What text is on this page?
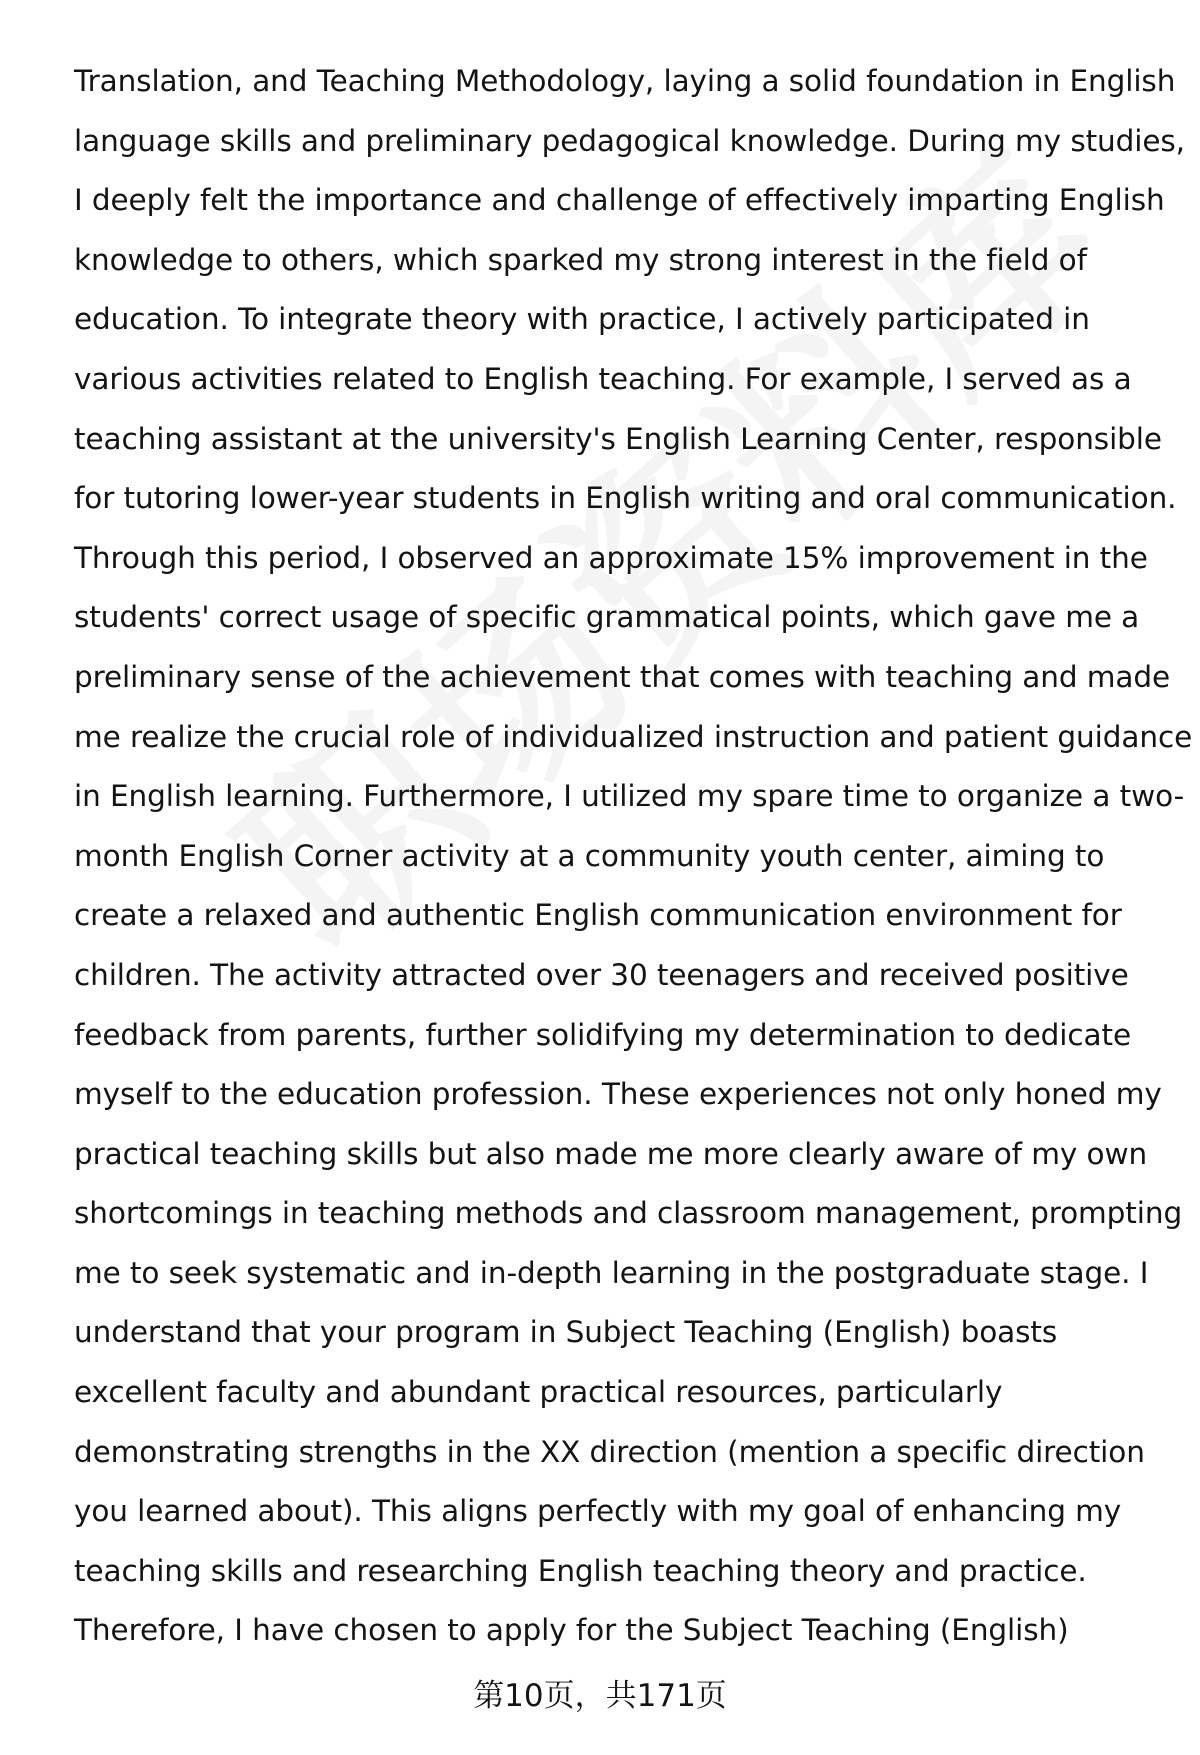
Translation, and Teaching Methodology, laying a solid foundation in English
language skills and preliminary pedagogical knowledge. During my studies,
I deeply felt the importance and challenge of effectively imparting English
knowledge to others, which sparked my strong interest in the field of
education. To integrate theory with practice, I actively participated in
various activities related to English teaching. For example, I served as a
teaching assistant at the university's English Learning Center, responsible
for tutoring lower-year students in English writing and oral communication.
Through this period, I observed an approximate 15% improvement in the
students' correct usage of specific grammatical points, which gave me a
preliminary sense of the achievement that comes with teaching and made
me realize the crucial role of individualized instruction and patient guidance
in English learning. Furthermore, I utilized my spare time to organize a two-
month English Corner activity at a community youth center, aiming to
create a relaxed and authentic English communication environment for
children. The activity attracted over 30 teenagers and received positive
feedback from parents, further solidifying my determination to dedicate
myself to the education profession. These experiences not only honed my
practical teaching skills but also made me more clearly aware of my own
shortcomings in teaching methods and classroom management, prompting
me to seek systematic and in-depth learning in the postgraduate stage. I
understand that your program in Subject Teaching (English) boasts
excellent faculty and abundant practical resources, particularly
demonstrating strengths in the XX direction (mention a specific direction
you learned about). This aligns perfectly with my goal of enhancing my
teaching skills and researching English teaching theory and practice.
Therefore, I have chosen to apply for the Subject Teaching (English)
第10页，共171页
